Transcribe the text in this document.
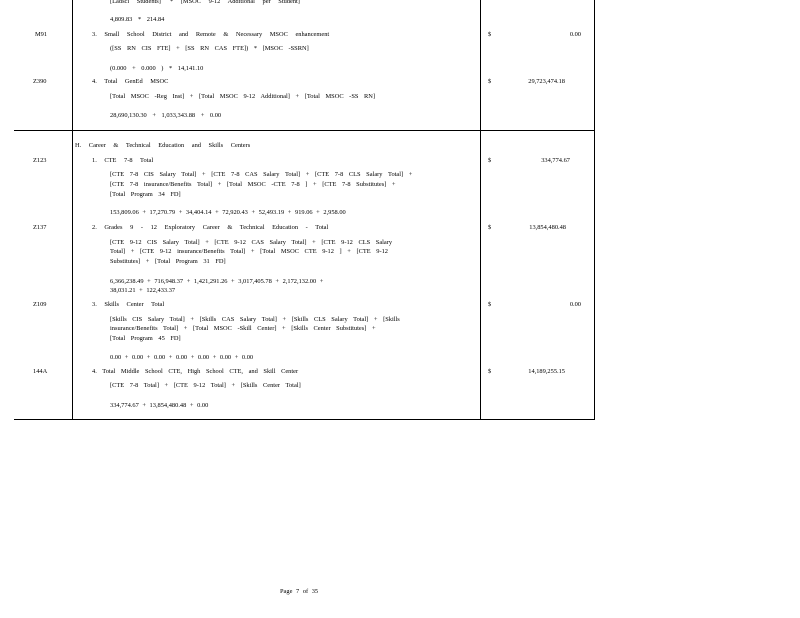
[Ladsci Students] * [MSOC 9-12 Additional per Student]
4,809.83 * 214.84
M91	3. Small School District and Remote & Necessary MSOC enhancement
([SS RN CIS FTE] + [SS RN CAS FTE]) * [MSOC -SSRN]
(0.000 + 0.000 ) * 14,141.10
$	0.00
Z390	4. Total GenEd MSOC
[Total MSOC -Reg Inst] + [Total MSOC 9-12 Additional] + [Total MSOC -SS RN]
28,690,130.30 + 1,033,343.88 + 0.00
$	29,723,474.18
H. Career & Technical Education and Skills Centers
Z123	1. CTE 7-8 Total
[CTE 7-8 CIS Salary Total] + [CTE 7-8 CAS Salary Total] + [CTE 7-8 CLS Salary Total] +
[CTE 7-8 insurance/Benefits Total] + [Total MSOC -CTE 7-8 ] + [CTE 7-8 Substitutes] +
[Total Program 34 FD]
153,809.06 + 17,270.79 + 34,404.14 + 72,920.43 + 52,493.19 + 919.06 + 2,958.00
$	334,774.67
Z137	2. Grades 9 - 12 Exploratory Career & Technical Education - Total
[CTE 9-12 CIS Salary Total] + [CTE 9-12 CAS Salary Total] + [CTE 9-12 CLS Salary
Total] + [CTE 9-12 insurance/Benefits Total] + [Total MSOC CTE 9-12 ] + [CTE 9-12
Substitutes] + [Total Program 31 FD]
6,366,238.49 + 716,948.37 + 1,421,291.26 + 3,017,405.78 + 2,172,132.00 +
38,031.21 + 122,433.37
$	13,854,480.48
Z109	3. Skills Center Total
[Skills CIS Salary Total] + [Skills CAS Salary Total] + [Skills CLS Salary Total] + [Skills
insurance/Benefits Total] + [Total MSOC -Skill Center] + [Skills Center Substitutes] +
[Total Program 45 FD]
0.00 + 0.00 + 0.00 + 0.00 + 0.00 + 0.00 + 0.00
$	0.00
144A	4. Total Middle School CTE, High School CTE, and Skill Center
[CTE 7-8 Total] + [CTE 9-12 Total] + [Skills Center Total]
334,774.67 + 13,854,480.48 + 0.00
$	14,189,255.15
Page 7 of 35
